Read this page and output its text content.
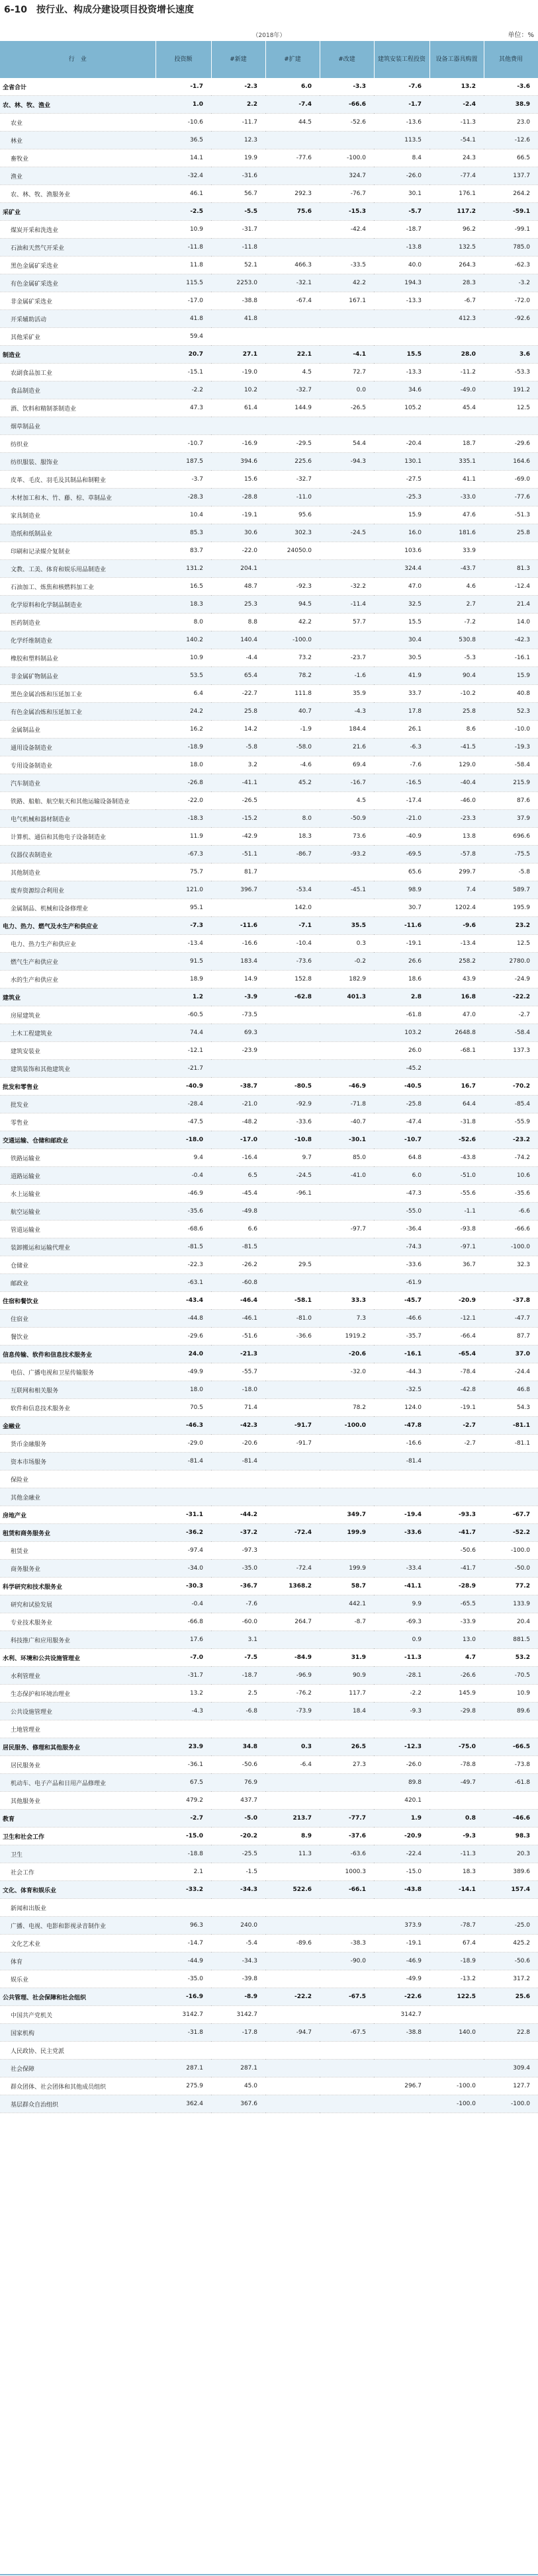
6-10　按行业、构成分建设项目投资增长速度
（2018年）	单位：%
行　业	投资额	#新建	#扩建	#改建	建筑安装工程投资	设备工器具购置	其他费用
全省合计	-1.7	-2.3	6.0	-3.3	-7.6	13.2	-3.6
农、林、牧、渔业	1.0	2.2	-7.4	-66.6	-1.7	-2.4	38.9
农业	-10.6	-11.7	44.5	-52.6	-13.6	-11.3	23.0
林业	36.5	12.3			113.5	-54.1	-12.6
畜牧业	14.1	19.9	-77.6	-100.0	8.4	24.3	66.5
渔业	-32.4	-31.6		324.7	-26.0	-77.4	137.7
农、林、牧、渔服务业	46.1	56.7	292.3	-76.7	30.1	176.1	264.2
采矿业	-2.5	-5.5	75.6	-15.3	-5.7	117.2	-59.1
煤炭开采和洗选业	10.9	-31.7		-42.4	-18.7	96.2	-99.1
石油和天然气开采业	-11.8	-11.8			-13.8	132.5	785.0
黑色金属矿采选业	11.8	52.1	466.3	-33.5	40.0	264.3	-62.3
有色金属矿采选业	115.5	2253.0	-32.1	42.2	194.3	28.3	-3.2
非金属矿采选业	-17.0	-38.8	-67.4	167.1	-13.3	-6.7	-72.0
开采辅助活动	41.8	41.8				412.3	-92.6
其他采矿业	59.4						
制造业	20.7	27.1	22.1	-4.1	15.5	28.0	3.6
农副食品加工业	-15.1	-19.0	4.5	72.7	-13.3	-11.2	-53.3
食品制造业	-2.2	10.2	-32.7	0.0	34.6	-49.0	191.2
酒、饮料和精制茶制造业	47.3	61.4	144.9	-26.5	105.2	45.4	12.5
烟草制品业							
纺织业	-10.7	-16.9	-29.5	54.4	-20.4	18.7	-29.6
纺织服装、服饰业	187.5	394.6	225.6	-94.3	130.1	335.1	164.6
皮革、毛皮、羽毛及其制品和制鞋业	-3.7	15.6	-32.7		-27.5	41.1	-69.0
木材加工和木、竹、藤、棕、草制品业	-28.3	-28.8	-11.0		-25.3	-33.0	-77.6
家具制造业	10.4	-19.1	95.6		15.9	47.6	-51.3
造纸和纸制品业	85.3	30.6	302.3	-24.5	16.0	181.6	25.8
印刷和记录媒介复制业	83.7	-22.0	24050.0		103.6	33.9	
文教、工美、体育和娱乐用品制造业	131.2	204.1			324.4	-43.7	81.3
石油加工、炼焦和核燃料加工业	16.5	48.7	-92.3	-32.2	47.0	4.6	-12.4
化学原料和化学制品制造业	18.3	25.3	94.5	-11.4	32.5	2.7	21.4
医药制造业	8.0	8.8	42.2	57.7	15.5	-7.2	14.0
化学纤维制造业	140.2	140.4	-100.0		30.4	530.8	-42.3
橡胶和塑料制品业	10.9	-4.4	73.2	-23.7	30.5	-5.3	-16.1
非金属矿物制品业	53.5	65.4	78.2	-1.6	41.9	90.4	15.9
黑色金属冶炼和压延加工业	6.4	-22.7	111.8	35.9	33.7	-10.2	40.8
有色金属冶炼和压延加工业	24.2	25.8	40.7	-4.3	17.8	25.8	52.3
金属制品业	16.2	14.2	-1.9	184.4	26.1	8.6	-10.0
通用设备制造业	-18.9	-5.8	-58.0	21.6	-6.3	-41.5	-19.3
专用设备制造业	18.0	3.2	-4.6	69.4	-7.6	129.0	-58.4
汽车制造业	-26.8	-41.1	45.2	-16.7	-16.5	-40.4	215.9
铁路、船舶、航空航天和其他运输设备制造业	-22.0	-26.5		4.5	-17.4	-46.0	87.6
电气机械和器材制造业	-18.3	-15.2	8.0	-50.9	-21.0	-23.3	37.9
计算机、通信和其他电子设备制造业	11.9	-42.9	18.3	73.6	-40.9	13.8	696.6
仪器仪表制造业	-67.3	-51.1	-86.7	-93.2	-69.5	-57.8	-75.5
其他制造业	75.7	81.7			65.6	299.7	-5.8
废弃资源综合利用业	121.0	396.7	-53.4	-45.1	98.9	7.4	589.7
金属制品、机械和设备修理业	95.1		142.0		30.7	1202.4	195.9
电力、热力、燃气及水生产和供应业	-7.3	-11.6	-7.1	35.5	-11.6	-9.6	23.2
电力、热力生产和供应业	-13.4	-16.6	-10.4	0.3	-19.1	-13.4	12.5
燃气生产和供应业	91.5	183.4	-73.6	-0.2	26.6	258.2	2780.0
水的生产和供应业	18.9	14.9	152.8	182.9	18.6	43.9	-24.9
建筑业	1.2	-3.9	-62.8	401.3	2.8	16.8	-22.2
房屋建筑业	-60.5	-73.5			-61.8	47.0	-2.7
土木工程建筑业	74.4	69.3			103.2	2648.8	-58.4
建筑安装业	-12.1	-23.9			26.0	-68.1	137.3
建筑装饰和其他建筑业	-21.7				-45.2		
批发和零售业	-40.9	-38.7	-80.5	-46.9	-40.5	16.7	-70.2
批发业	-28.4	-21.0	-92.9	-71.8	-25.8	64.4	-85.4
零售业	-47.5	-48.2	-33.6	-40.7	-47.4	-31.8	-55.9
交通运输、仓储和邮政业	-18.0	-17.0	-10.8	-30.1	-10.7	-52.6	-23.2
铁路运输业	9.4	-16.4	9.7	85.0	64.8	-43.8	-74.2
道路运输业	-0.4	6.5	-24.5	-41.0	6.0	-51.0	10.6
水上运输业	-46.9	-45.4	-96.1		-47.3	-55.6	-35.6
航空运输业	-35.6	-49.8			-55.0	-1.1	-6.6
管道运输业	-68.6	6.6		-97.7	-36.4	-93.8	-66.6
装卸搬运和运输代理业	-81.5	-81.5			-74.3	-97.1	-100.0
仓储业	-22.3	-26.2	29.5		-33.6	36.7	32.3
邮政业	-63.1	-60.8			-61.9		
住宿和餐饮业	-43.4	-46.4	-58.1	33.3	-45.7	-20.9	-37.8
住宿业	-44.8	-46.1	-81.0	7.3	-46.6	-12.1	-47.7
餐饮业	-29.6	-51.6	-36.6	1919.2	-35.7	-66.4	87.7
信息传输、软件和信息技术服务业	24.0	-21.3		-20.6	-16.1	-65.4	37.0
电信、广播电视和卫星传输服务	-49.9	-55.7		-32.0	-44.3	-78.4	-24.4
互联网和相关服务	18.0	-18.0			-32.5	-42.8	46.8
软件和信息技术服务业	70.5	71.4		78.2	124.0	-19.1	54.3
金融业	-46.3	-42.3	-91.7	-100.0	-47.8	-2.7	-81.1
货币金融服务	-29.0	-20.6	-91.7		-16.6	-2.7	-81.1
资本市场服务	-81.4	-81.4			-81.4		
保险业							
其他金融业							
房地产业	-31.1	-44.2		349.7	-19.4	-93.3	-67.7
租赁和商务服务业	-36.2	-37.2	-72.4	199.9	-33.6	-41.7	-52.2
租赁业	-97.4	-97.3				-50.6	-100.0
商务服务业	-34.0	-35.0	-72.4	199.9	-33.4	-41.7	-50.0
科学研究和技术服务业	-30.3	-36.7	1368.2	58.7	-41.1	-28.9	77.2
研究和试验发展	-0.4	-7.6		442.1	9.9	-65.5	133.9
专业技术服务业	-66.8	-60.0	264.7	-8.7	-69.3	-33.9	20.4
科技推广和应用服务业	17.6	3.1			0.9	13.0	881.5
水利、环境和公共设施管理业	-7.0	-7.5	-84.9	31.9	-11.3	4.7	53.2
水利管理业	-31.7	-18.7	-96.9	90.9	-28.1	-26.6	-70.5
生态保护和环境治理业	13.2	2.5	-76.2	117.7	-2.2	145.9	10.9
公共设施管理业	-4.3	-6.8	-73.9	18.4	-9.3	-29.8	89.6
土地管理业							
居民服务、修理和其他服务业	23.9	34.8	0.3	26.5	-12.3	-75.0	-66.5
居民服务业	-36.1	-50.6	-6.4	27.3	-26.0	-78.8	-73.8
机动车、电子产品和日用产品修理业	67.5	76.9			89.8	-49.7	-61.8
其他服务业	479.2	437.7			420.1		
教育	-2.7	-5.0	213.7	-77.7	1.9	0.8	-46.6
卫生和社会工作	-15.0	-20.2	8.9	-37.6	-20.9	-9.3	98.3
卫生	-18.8	-25.5	11.3	-63.6	-22.4	-11.3	20.3
社会工作	2.1	-1.5		1000.3	-15.0	18.3	389.6
文化、体育和娱乐业	-33.2	-34.3	522.6	-66.1	-43.8	-14.1	157.4
新闻和出版业							
广播、电视、电影和影视录音制作业	96.3	240.0			373.9	-78.7	-25.0
文化艺术业	-14.7	-5.4	-89.6	-38.3	-19.1	67.4	425.2
体育	-44.9	-34.3		-90.0	-46.9	-18.9	-50.6
娱乐业	-35.0	-39.8			-49.9	-13.2	317.2
公共管理、社会保障和社会组织	-16.9	-8.9	-22.2	-67.5	-22.6	122.5	25.6
中国共产党机关	3142.7	3142.7			3142.7		
国家机构	-31.8	-17.8	-94.7	-67.5	-38.8	140.0	22.8
人民政协、民主党派							
社会保障	287.1	287.1					309.4
群众团体、社会团体和其他成员组织	275.9	45.0			296.7	-100.0	127.7
基层群众自治组织	362.4	367.6				-100.0	-100.0
